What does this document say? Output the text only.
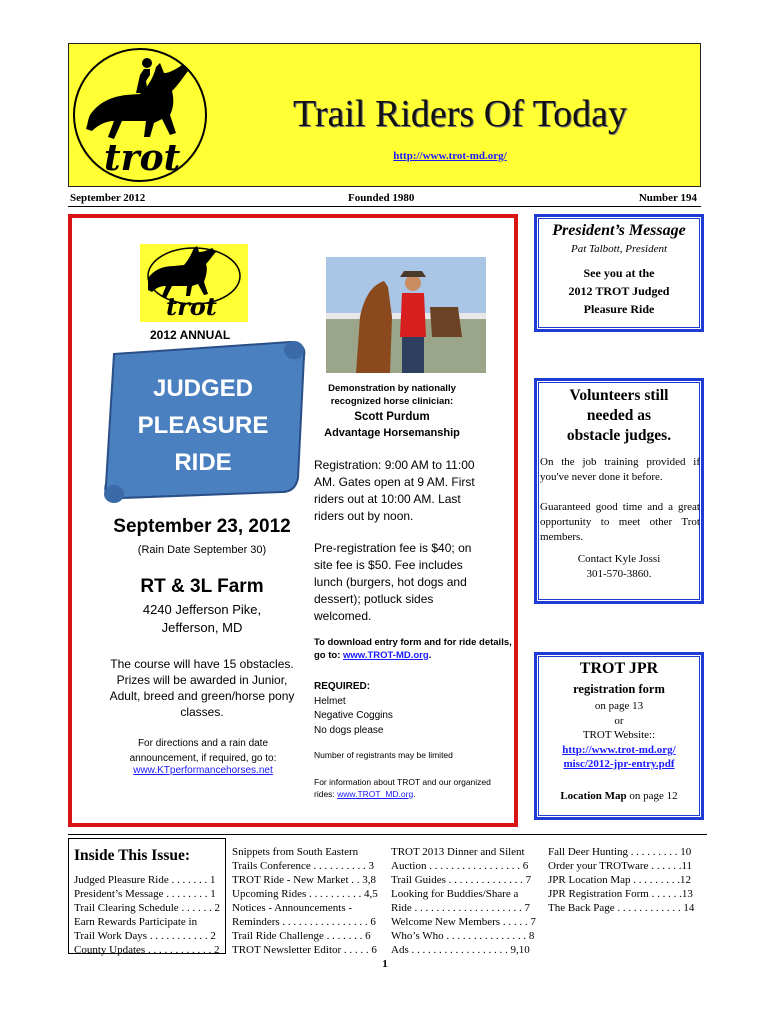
trot
Trail Riders Of Today
http://www.trot-md.org/
September 2012	Founded 1980	Number 194
trot
2012 ANNUAL
JUDGED
PLEASURE
RIDE
September 23, 2012
(Rain Date September 30)
RT & 3L Farm
4240 Jefferson Pike,
Jefferson, MD
The course will have 15 obstacles. Prizes will be awarded in Junior, Adult, breed and green/horse pony classes.
For directions and a rain date announcement, if required, go to:
www.KTperformancehorses.net
Demonstration by nationally
recognized horse clinician:
Scott Purdum
Advantage Horsemanship
Registration: 9:00 AM to 11:00 AM. Gates open at 9 AM. First riders out at 10:00 AM. Last riders out by noon.
Pre-registration fee is $40; on site fee is $50. Fee includes lunch (burgers, hot dogs and dessert); potluck sides welcomed.
To download entry form and for ride details, go to: www.TROT-MD.org.
REQUIRED:
Helmet
Negative Coggins
No dogs please
Number of registrants may be limited
For information about TROT and our organized rides: www.TROT_MD.org.
President’s Message
Pat Talbott, President
See you at the
2012 TROT Judged
Pleasure Ride
Volunteers still
needed as
obstacle judges.
On the job training provided if you've never done it before.
Guaranteed good time and a great opportunity to meet other Trot members.
Contact Kyle Jossi
301-570-3860.
TROT JPR
registration form
on page 13
or
TROT Website::
http://www.trot-md.org/
misc/2012-jpr-entry.pdf
Location Map on page 12
Inside This Issue:
Judged Pleasure Ride . . . . . . . 1
President’s Message . . . . . . . . 1
Trail Clearing Schedule . . . . . . 2
Earn Rewards Participate in
Trail Work Days . . . . . . . . . . . 2
County Updates . . . . . . . . . . . . 2
Snippets from South Eastern
Trails Conference . . . . . . . . . . 3
TROT Ride - New Market . . 3,8
Upcoming Rides . . . . . . . . . . 4,5
Notices - Announcements -
Reminders . . . . . . . . . . . . . . . . 6
Trail Ride Challenge . . . . . . . 6
TROT Newsletter Editor . . . . . 6
TROT 2013 Dinner and Silent
Auction . . . . . . . . . . . . . . . . . 6
Trail Guides . . . . . . . . . . . . . . 7
Looking for Buddies/Share a
Ride . . . . . . . . . . . . . . . . . . . . 7
Welcome New Members . . . . . 7
Who’s Who . . . . . . . . . . . . . . . 8
Ads . . . . . . . . . . . . . . . . . . 9,10
Fall Deer Hunting . . . . . . . . . 10
Order your TROTware . . . . . .11
JPR Location Map . . . . . . . . .12
JPR Registration Form . . . . . .13
The Back Page . . . . . . . . . . . . 14
1
